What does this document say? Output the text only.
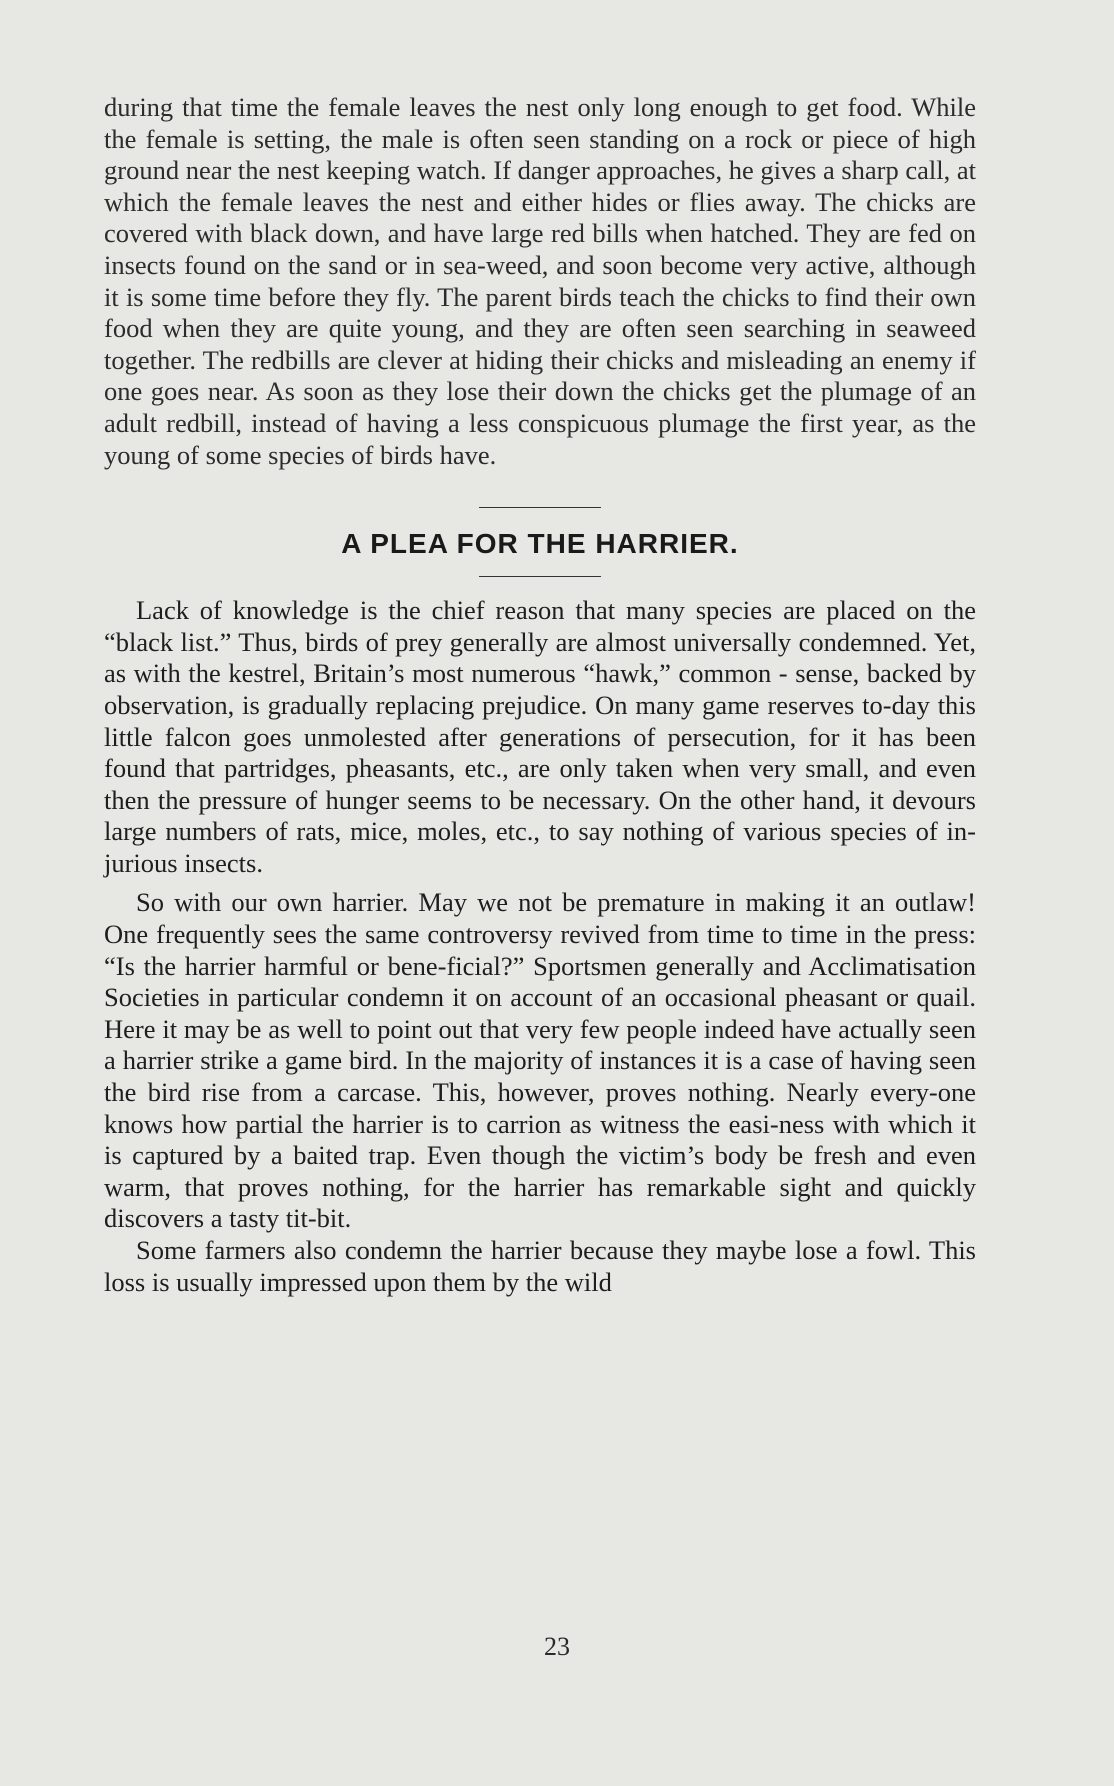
during that time the female leaves the nest only long enough to get food. While the female is setting, the male is often seen standing on a rock or piece of high ground near the nest keeping watch. If danger approaches, he gives a sharp call, at which the female leaves the nest and either hides or flies away. The chicks are covered with black down, and have large red bills when hatched. They are fed on insects found on the sand or in sea-weed, and soon become very active, although it is some time before they fly. The parent birds teach the chicks to find their own food when they are quite young, and they are often seen searching in seaweed together. The redbills are clever at hiding their chicks and misleading an enemy if one goes near. As soon as they lose their down the chicks get the plumage of an adult redbill, instead of having a less conspicuous plumage the first year, as the young of some species of birds have.

A PLEA FOR THE HARRIER.

Lack of knowledge is the chief reason that many species are placed on the “black list.” Thus, birds of prey generally are almost universally condemned. Yet, as with the kestrel, Britain’s most numerous “hawk,” common - sense, backed by observation, is gradually replacing prejudice. On many game reserves to-day this little falcon goes unmolested after generations of persecution, for it has been found that partridges, pheasants, etc., are only taken when very small, and even then the pressure of hunger seems to be necessary. On the other hand, it devours large numbers of rats, mice, moles, etc., to say nothing of various species of in-jurious insects.

So with our own harrier. May we not be premature in making it an outlaw! One frequently sees the same controversy revived from time to time in the press: “Is the harrier harmful or bene-ficial?” Sportsmen generally and Acclimatisation Societies in particular condemn it on account of an occasional pheasant or quail. Here it may be as well to point out that very few people indeed have actually seen a harrier strike a game bird. In the majority of instances it is a case of having seen the bird rise from a carcase. This, however, proves nothing. Nearly every-one knows how partial the harrier is to carrion as witness the easi-ness with which it is captured by a baited trap. Even though the victim’s body be fresh and even warm, that proves nothing, for the harrier has remarkable sight and quickly discovers a tasty tit-bit.

Some farmers also condemn the harrier because they maybe lose a fowl. This loss is usually impressed upon them by the wild

23
